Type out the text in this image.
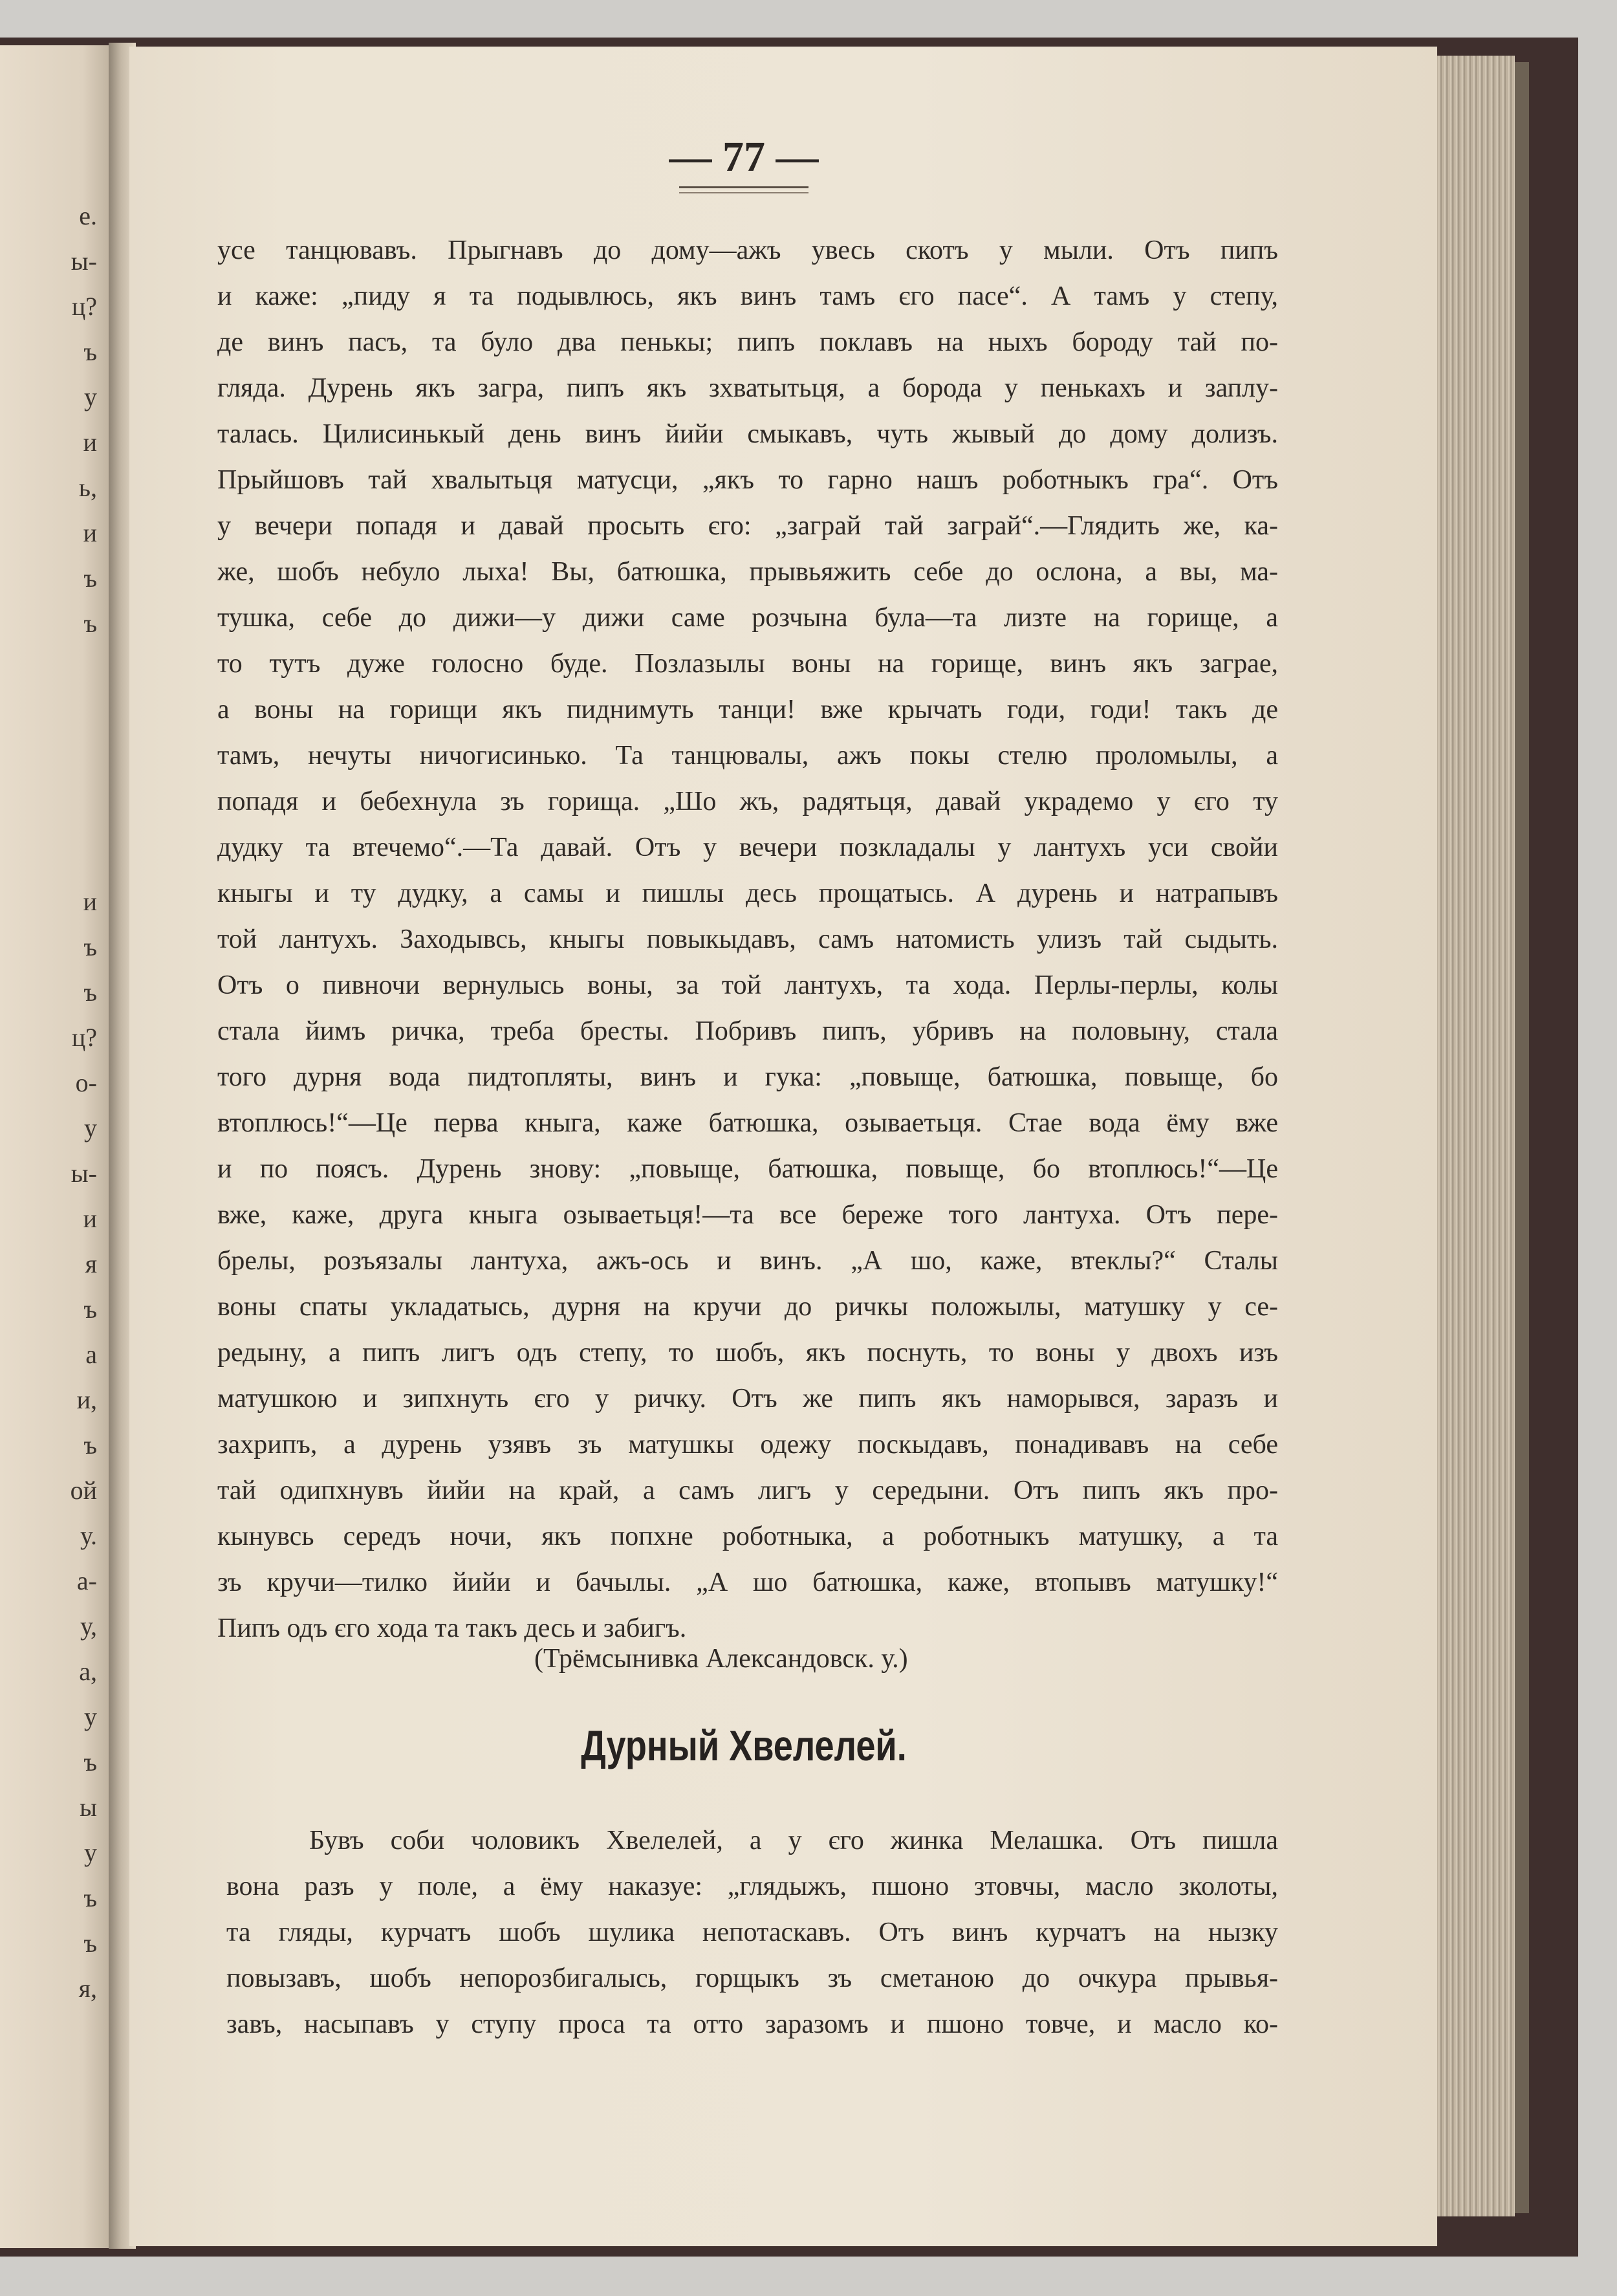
е.
ы-
ц?
ъ
у
и
ь,
и
ъ
ъ
и
ъ
ъ
ц?
о-
у
ы-
и
я
ъ
а
и,
ъ
ой
у.
а-
у,
а,
у
ъ
ы
у
ъ
ъ
я,
— 77 —
усе танцювавъ. Прыгнавъ до дому—ажъ увесь скотъ у мыли. Отъ пипъ
и каже: „пиду я та подывлюсь, якъ винъ тамъ єго пасе“. А тамъ у степу,
де винъ пасъ, та було два пенькы; пипъ поклавъ на ныхъ бороду тай по-
гляда. Дурень якъ загра, пипъ якъ зхватытьця, а борода у пенькахъ и заплу-
талась. Цилисинькый день винъ йийи смыкавъ, чуть жывый до дому долизъ.
Прыйшовъ тай хвалытьця матусци, „якъ то гарно нашъ роботныкъ гра“. Отъ
у вечери попадя и давай просыть єго: „заграй тай заграй“.—Глядить же, ка-
же, шобъ небуло лыха! Вы, батюшка, прывьяжить себе до ослона, а вы, ма-
тушка, себе до дижи—у дижи саме розчына була—та лизте на горище, а
то тутъ дуже голосно буде. Позлазылы воны на горище, винъ якъ заграе,
а воны на горищи якъ пиднимуть танци! вже крычать годи, годи! такъ де
тамъ, нечуты ничогисинько. Та танцювалы, ажъ покы стелю проломылы, а
попадя и бебехнула зъ горища. „Шо жъ, радятьця, давай украдемо у єго ту
дудку та втечемо“.—Та давай. Отъ у вечери позкладалы у лантухъ уси свойи
кныгы и ту дудку, а самы и пишлы десь прощатысь. А дурень и натрапывъ
той лантухъ. Заходывсь, кныгы повыкыдавъ, самъ натомисть улизъ тай сыдыть.
Отъ о пивночи вернулысь воны, за той лантухъ, та хода. Перлы-перлы, колы
стала йимъ ричка, треба бресты. Побривъ пипъ, убривъ на половыну, стала
того дурня вода пидтопляты, винъ и гука: „повыще, батюшка, повыще, бо
втоплюсь!“—Це перва кныга, каже батюшка, озываетьця. Стае вода ёму вже
и по поясъ. Дурень знову: „повыще, батюшка, повыще, бо втоплюсь!“—Це
вже, каже, друга кныга озываетьця!—та все береже того лантуха. Отъ пере-
брелы, розъязалы лантуха, ажъ-ось и винъ. „А шо, каже, втеклы?“ Сталы
воны спаты укладатысь, дурня на кручи до ричкы положылы, матушку у се-
редыну, а пипъ лигъ одъ степу, то шобъ, якъ поснуть, то воны у двохъ изъ
матушкою и зипхнуть єго у ричку. Отъ же пипъ якъ наморывся, заразъ и
захрипъ, а дурень узявъ зъ матушкы одежу поскыдавъ, понадивавъ на себе
тай одипхнувъ йийи на край, а самъ лигъ у середыни. Отъ пипъ якъ про-
кынувсь середъ ночи, якъ попхне роботныка, а роботныкъ матушку, а та
зъ кручи—тилко йийи и бачылы. „А шо батюшка, каже, втопывъ матушку!“
Пипъ одъ єго хода та такъ десь и забигъ.
(Трёмсынивка Александовск. у.)
Дурный Хвелелей.
Бувъ соби чоловикъ Хвелелей, а у єго жинка Мелашка. Отъ пишла
вона разъ у поле, а ёму наказуе: „глядыжъ, пшоно зтовчы, масло зколоты,
та гляды, курчатъ шобъ шулика непотаскавъ. Отъ винъ курчатъ на нызку
повызавъ, шобъ непорозбигалысь, горщыкъ зъ сметаною до очкура прывья-
завъ, насыпавъ у ступу проса та отто заразомъ и пшоно товче, и масло ко-
